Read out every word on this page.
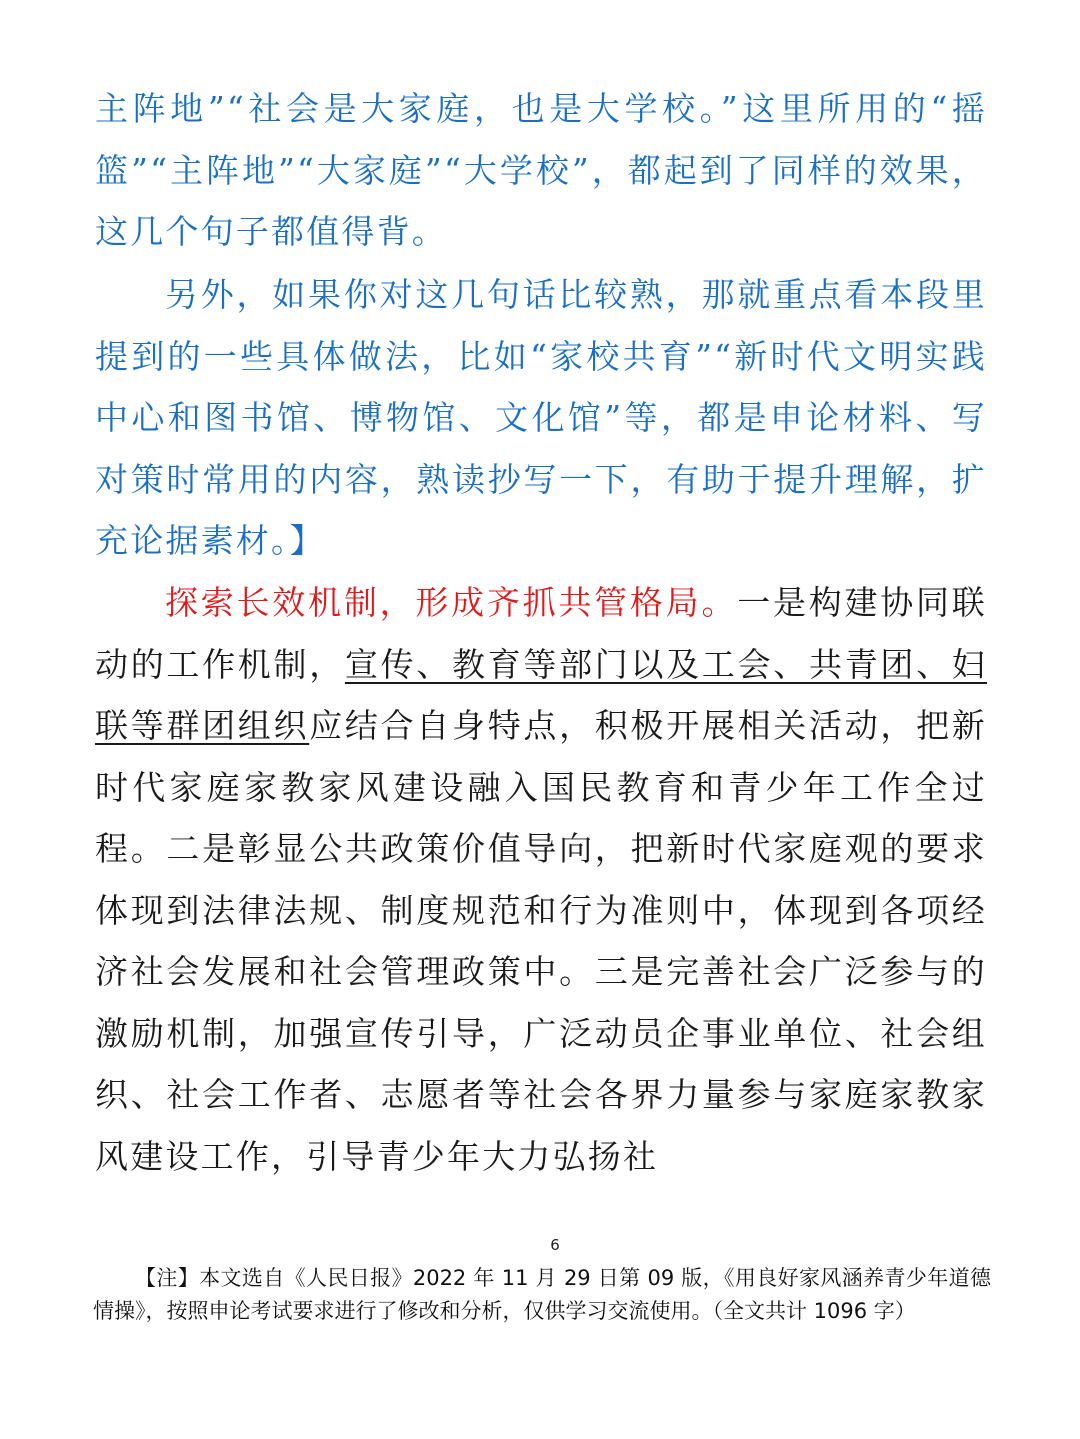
主阵地”“社会是大家庭，也是大学校。”这里所用的“摇篮”“主阵地”“大家庭”“大学校”，都起到了同样的效果，这几个句子都值得背。

另外，如果你对这几句话比较熟，那就重点看本段里提到的一些具体做法，比如“家校共育”“新时代文明实践中心和图书馆、博物馆、文化馆”等，都是申论材料、写对策时常用的内容，熟读抄写一下，有助于提升理解，扩充论据素材。】

探索长效机制，形成齐抓共管格局。一是构建协同联动的工作机制，宣传、教育等部门以及工会、共青团、妇联等群团组织应结合自身特点，积极开展相关活动，把新时代家庭家教家风建设融入国民教育和青少年工作全过程。二是彰显公共政策价值导向，把新时代家庭观的要求体现到法律法规、制度规范和行为准则中，体现到各项经济社会发展和社会管理政策中。三是完善社会广泛参与的激励机制，加强宣传引导，广泛动员企事业单位、社会组织、社会工作者、志愿者等社会各界力量参与家庭家教家风建设工作，引导青少年大力弘扬社

6

【注】本文选自《人民日报》2022 年 11 月 29 日第 09 版，《用良好家风涵养青少年道德情操》，按照申论考试要求进行了修改和分析，仅供学习交流使用。（全文共计 1096 字）
